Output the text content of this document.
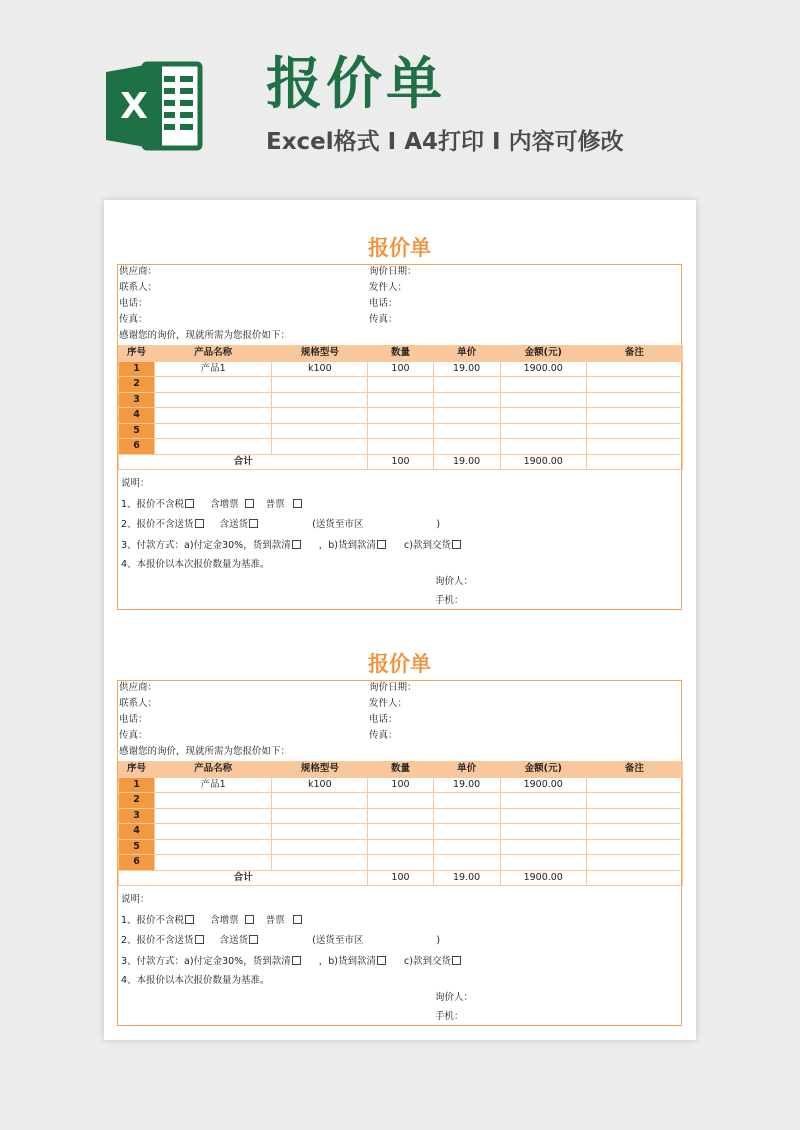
X 报价单
Excel格式 I A4打印 I 内容可修改
报价单
供应商：
联系人：
电话：
传真：
询价日期：
发件人：
电话：
传真：
感谢您的询价，现就所需为您报价如下：
序号	产品名称	规格型号	数量	单价	金额(元)	备注
1	产品1	k100	100	19.00	1900.00	
2						
3						
4						
5						
6						
合计			100	19.00	1900.00	
说明：
1、报价不含税	含增票	普票
2、报价不含送货	含送货	(送货至市区	)
3、付款方式：a)付定金30%，货到款清	，b)货到款清	c)款到交货
4、本报价以本次报价数量为基准。
询价人：
手机：
报价单
供应商：
联系人：
电话：
传真：
询价日期：
发件人：
电话：
传真：
感谢您的询价，现就所需为您报价如下：
序号	产品名称	规格型号	数量	单价	金额(元)	备注
1	产品1	k100	100	19.00	1900.00	
2						
3						
4						
5						
6						
合计			100	19.00	1900.00	
说明：
1、报价不含税	含增票	普票
2、报价不含送货	含送货	(送货至市区	)
3、付款方式：a)付定金30%，货到款清	，b)货到款清	c)款到交货
4、本报价以本次报价数量为基准。
询价人：
手机：
